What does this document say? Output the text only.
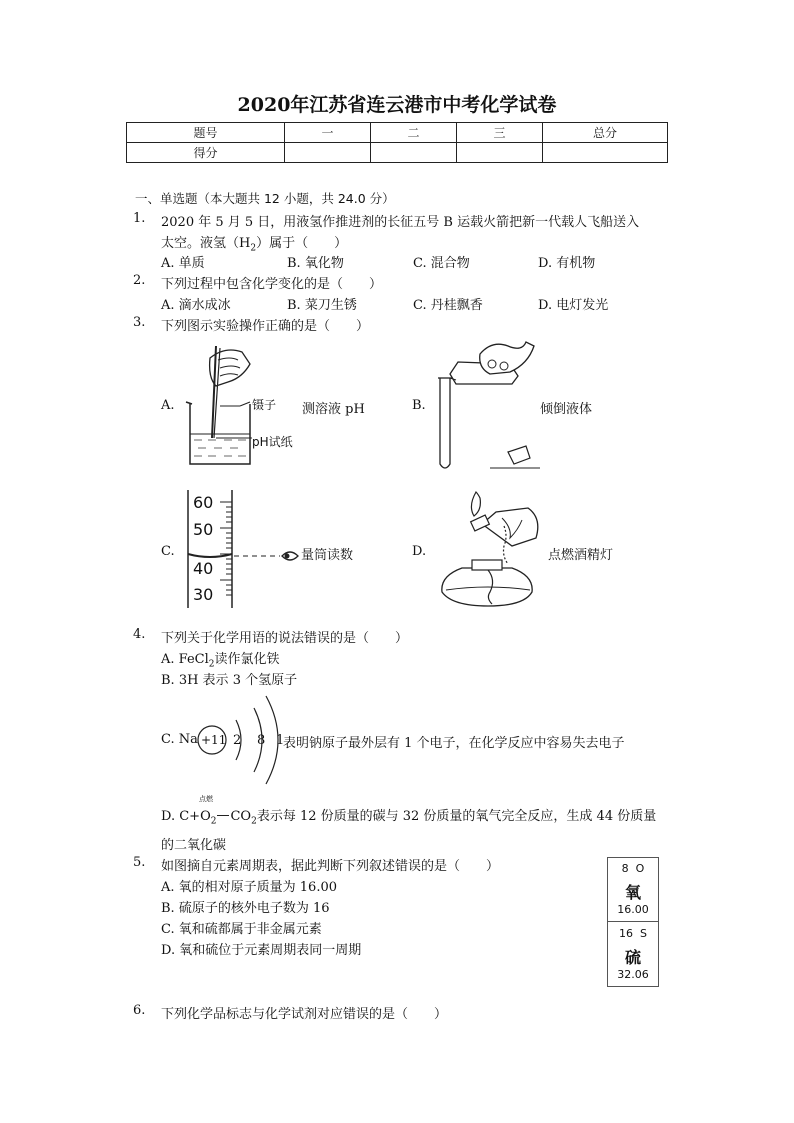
2020年江苏省连云港市中考化学试卷
题号	一	二	三	总分
得分				
一、单选题（本大题共 12 小题，共 24.0 分）
1. 2020 年 5 月 5 日，用液氢作推进剂的长征五号 B 运载火箭把新一代载人飞船送入
太空。液氢$(H_2)$属于（　　）
A. 单质	B. 氧化物	C. 混合物	D. 有机物
2. 下列过程中包含化学变化的是（　　）
A. 滴水成冰	B. 菜刀生锈	C. 丹桂飘香	D. 电灯发光
3. 下列图示实验操作正确的是（　　）
A.	镊子
pH试纸
测溶液 pH	B.	倾倒液体
C.
60
50
40
30
量筒读数	D.	点燃酒精灯
4. 下列关于化学用语的说法错误的是（　　）
A. FeCl$_2$读作氯化铁
B. 3H 表示 3 个氢原子
C. Na +11 2 8 1
表明钠原子最外层有 1 个电子，在化学反应中容易失去电子
点燃
D. $C+O_2$ $CO_2$表示每 12 份质量的碳与 32 份质量的氧气完全反应，生成 44 份质量
的二氧化碳
5. 如图摘自元素周期表，据此判断下列叙述错误的是（　　）
A. 氧的相对原子质量为 16.00
B. 硫原子的核外电子数为 16
C. 氧和硫都属于非金属元素
D. 氧和硫位于元素周期表同一周期
8 O
氧
16.00
16 S
硫
32.06
6. 下列化学品标志与化学试剂对应错误的是（　　）
